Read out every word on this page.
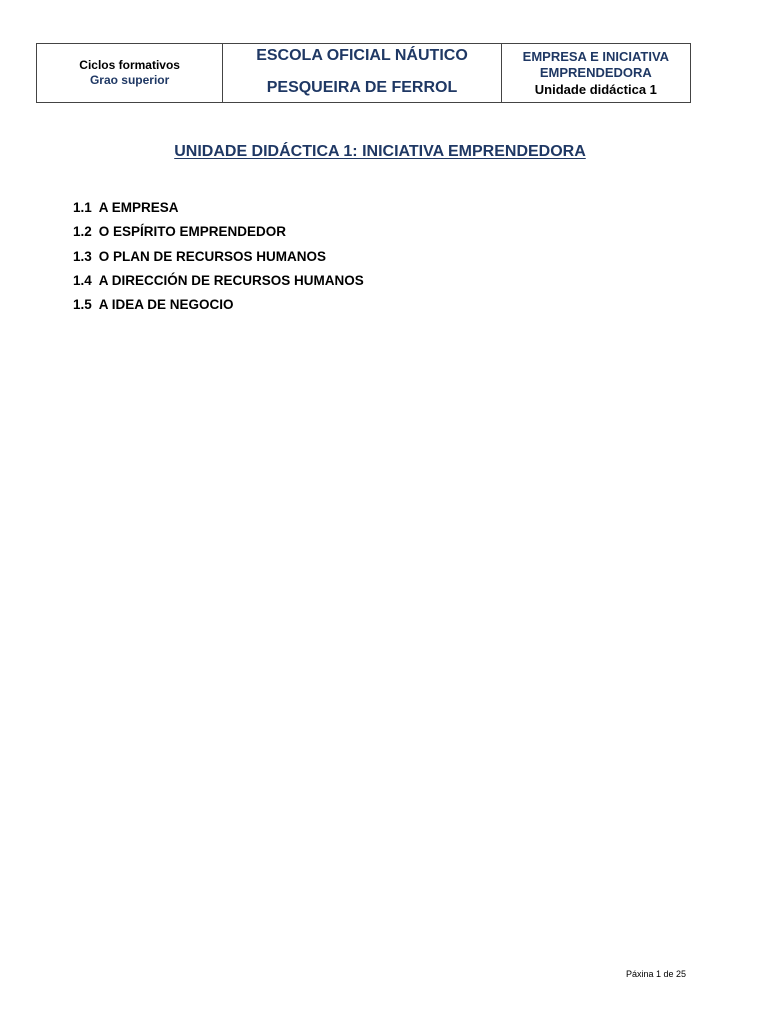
Ciclos formativos
Grao superior

ESCOLA OFICIAL NÁUTICO
PESQUEIRA DE FERROL

EMPRESA E INICIATIVA EMPRENDEDORA
Unidade didáctica 1
UNIDADE DIDÁCTICA 1: INICIATIVA EMPRENDEDORA
1.1 A EMPRESA
1.2 O ESPÍRITO EMPRENDEDOR
1.3 O PLAN DE RECURSOS HUMANOS
1.4 A DIRECCIÓN DE RECURSOS HUMANOS
1.5 A IDEA DE NEGOCIO
Páxina 1 de 25
